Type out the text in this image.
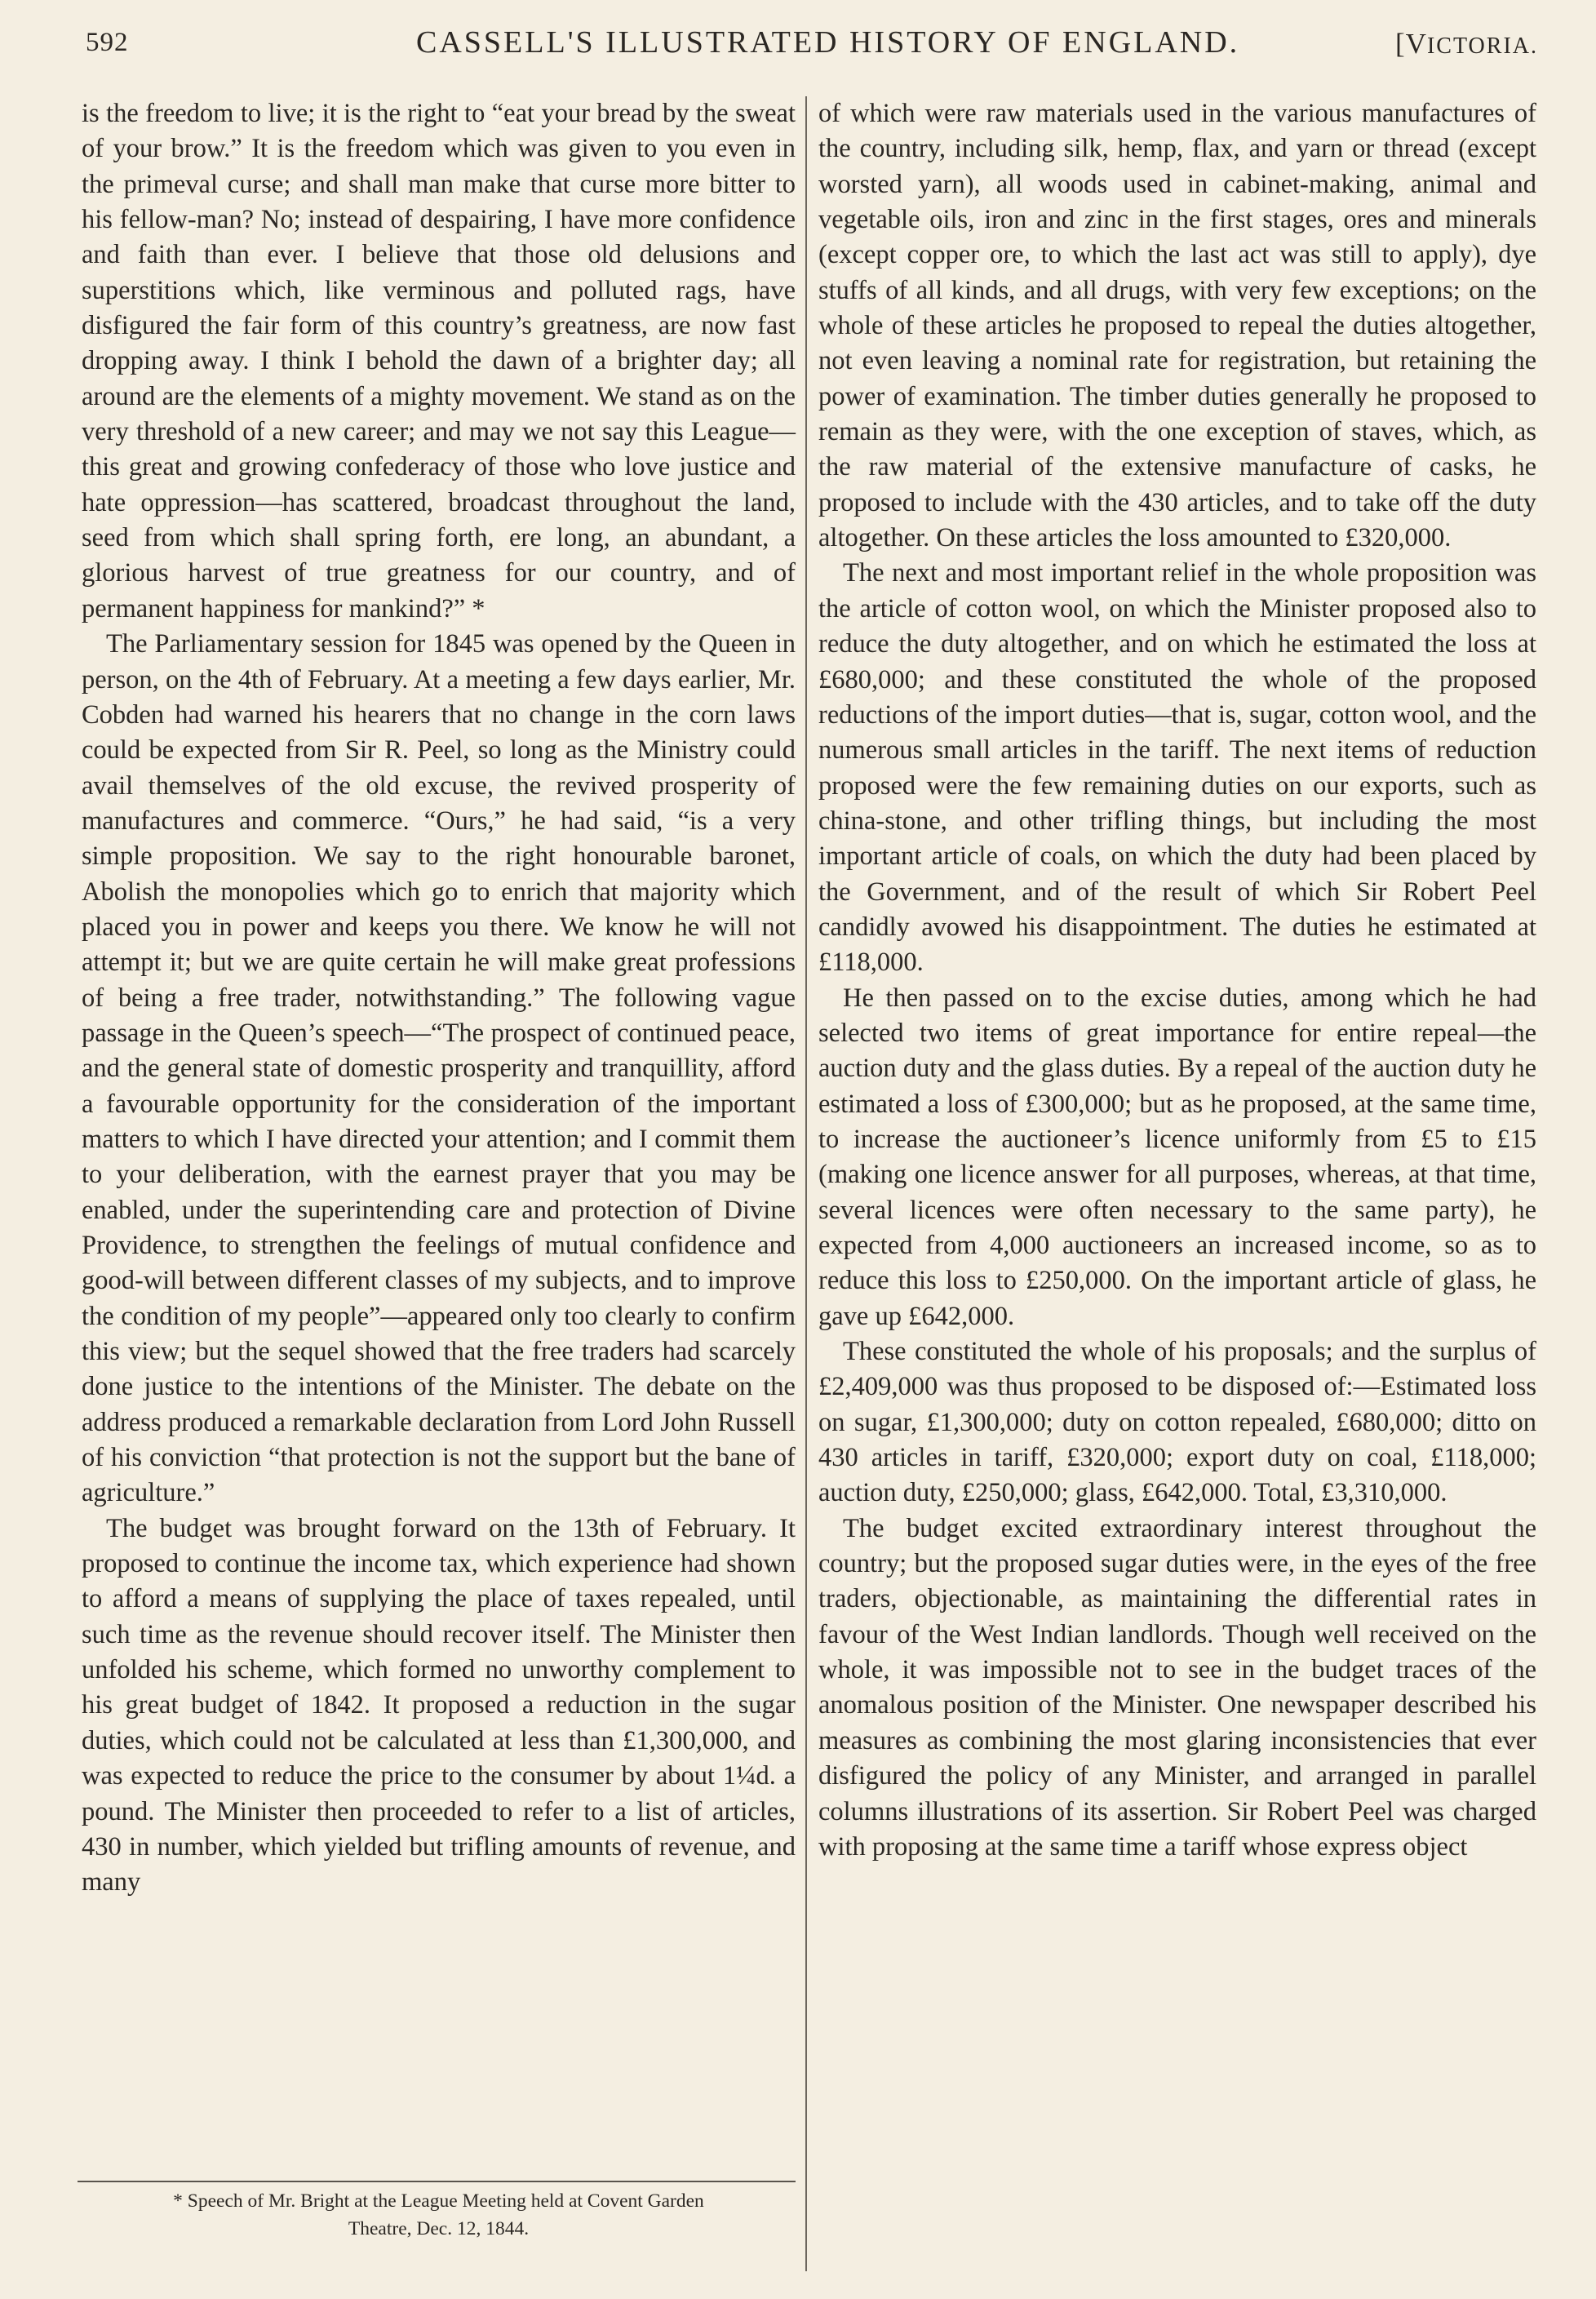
592	CASSELL'S ILLUSTRATED HISTORY OF ENGLAND.	[VICTORIA.

is the freedom to live; it is the right to “eat your bread by the sweat of your brow.” It is the freedom which was given to you even in the primeval curse; and shall man make that curse more bitter to his fellow-man? No; instead of despairing, I have more confidence and faith than ever. I believe that those old delusions and superstitions which, like verminous and polluted rags, have disfigured the fair form of this country’s greatness, are now fast dropping away. I think I behold the dawn of a brighter day; all around are the elements of a mighty movement. We stand as on the very threshold of a new career; and may we not say this League—this great and growing confederacy of those who love justice and hate oppression—has scattered, broadcast throughout the land, seed from which shall spring forth, ere long, an abundant, a glorious harvest of true greatness for our country, and of permanent happiness for mankind?” *

The Parliamentary session for 1845 was opened by the Queen in person, on the 4th of February. At a meeting a few days earlier, Mr. Cobden had warned his hearers that no change in the corn laws could be expected from Sir R. Peel, so long as the Ministry could avail themselves of the old excuse, the revived prosperity of manufactures and commerce. “Ours,” he had said, “is a very simple proposition. We say to the right honourable baronet, Abolish the monopolies which go to enrich that majority which placed you in power and keeps you there. We know he will not attempt it; but we are quite certain he will make great professions of being a free trader, notwithstanding.” The following vague passage in the Queen’s speech—“The prospect of continued peace, and the general state of domestic prosperity and tranquillity, afford a favourable opportunity for the consideration of the important matters to which I have directed your attention; and I commit them to your deliberation, with the earnest prayer that you may be enabled, under the superintending care and protection of Divine Providence, to strengthen the feelings of mutual confidence and good-will between different classes of my subjects, and to improve the condition of my people”—appeared only too clearly to confirm this view; but the sequel showed that the free traders had scarcely done justice to the intentions of the Minister. The debate on the address produced a remarkable declaration from Lord John Russell of his conviction “that protection is not the support but the bane of agriculture.”

The budget was brought forward on the 13th of February. It proposed to continue the income tax, which experience had shown to afford a means of supplying the place of taxes repealed, until such time as the revenue should recover itself. The Minister then unfolded his scheme, which formed no unworthy complement to his great budget of 1842. It proposed a reduction in the sugar duties, which could not be calculated at less than £1,300,000, and was expected to reduce the price to the consumer by about 1¼d. a pound. The Minister then proceeded to refer to a list of articles, 430 in number, which yielded but trifling amounts of revenue, and many

of which were raw materials used in the various manufactures of the country, including silk, hemp, flax, and yarn or thread (except worsted yarn), all woods used in cabinet-making, animal and vegetable oils, iron and zinc in the first stages, ores and minerals (except copper ore, to which the last act was still to apply), dye stuffs of all kinds, and all drugs, with very few exceptions; on the whole of these articles he proposed to repeal the duties altogether, not even leaving a nominal rate for registration, but retaining the power of examination. The timber duties generally he proposed to remain as they were, with the one exception of staves, which, as the raw material of the extensive manufacture of casks, he proposed to include with the 430 articles, and to take off the duty altogether. On these articles the loss amounted to £320,000.

The next and most important relief in the whole proposition was the article of cotton wool, on which the Minister proposed also to reduce the duty altogether, and on which he estimated the loss at £680,000; and these constituted the whole of the proposed reductions of the import duties—that is, sugar, cotton wool, and the numerous small articles in the tariff. The next items of reduction proposed were the few remaining duties on our exports, such as china-stone, and other trifling things, but including the most important article of coals, on which the duty had been placed by the Government, and of the result of which Sir Robert Peel candidly avowed his disappointment. The duties he estimated at £118,000.

He then passed on to the excise duties, among which he had selected two items of great importance for entire repeal—the auction duty and the glass duties. By a repeal of the auction duty he estimated a loss of £300,000; but as he proposed, at the same time, to increase the auctioneer’s licence uniformly from £5 to £15 (making one licence answer for all purposes, whereas, at that time, several licences were often necessary to the same party), he expected from 4,000 auctioneers an increased income, so as to reduce this loss to £250,000. On the important article of glass, he gave up £642,000.

These constituted the whole of his proposals; and the surplus of £2,409,000 was thus proposed to be disposed of:—Estimated loss on sugar, £1,300,000; duty on cotton repealed, £680,000; ditto on 430 articles in tariff, £320,000; export duty on coal, £118,000; auction duty, £250,000; glass, £642,000. Total, £3,310,000.

The budget excited extraordinary interest throughout the country; but the proposed sugar duties were, in the eyes of the free traders, objectionable, as maintaining the differential rates in favour of the West Indian landlords. Though well received on the whole, it was impossible not to see in the budget traces of the anomalous position of the Minister. One newspaper described his measures as combining the most glaring inconsistencies that ever disfigured the policy of any Minister, and arranged in parallel columns illustrations of its assertion. Sir Robert Peel was charged with proposing at the same time a tariff whose express object

* Speech of Mr. Bright at the League Meeting held at Covent Garden
Theatre, Dec. 12, 1844.
